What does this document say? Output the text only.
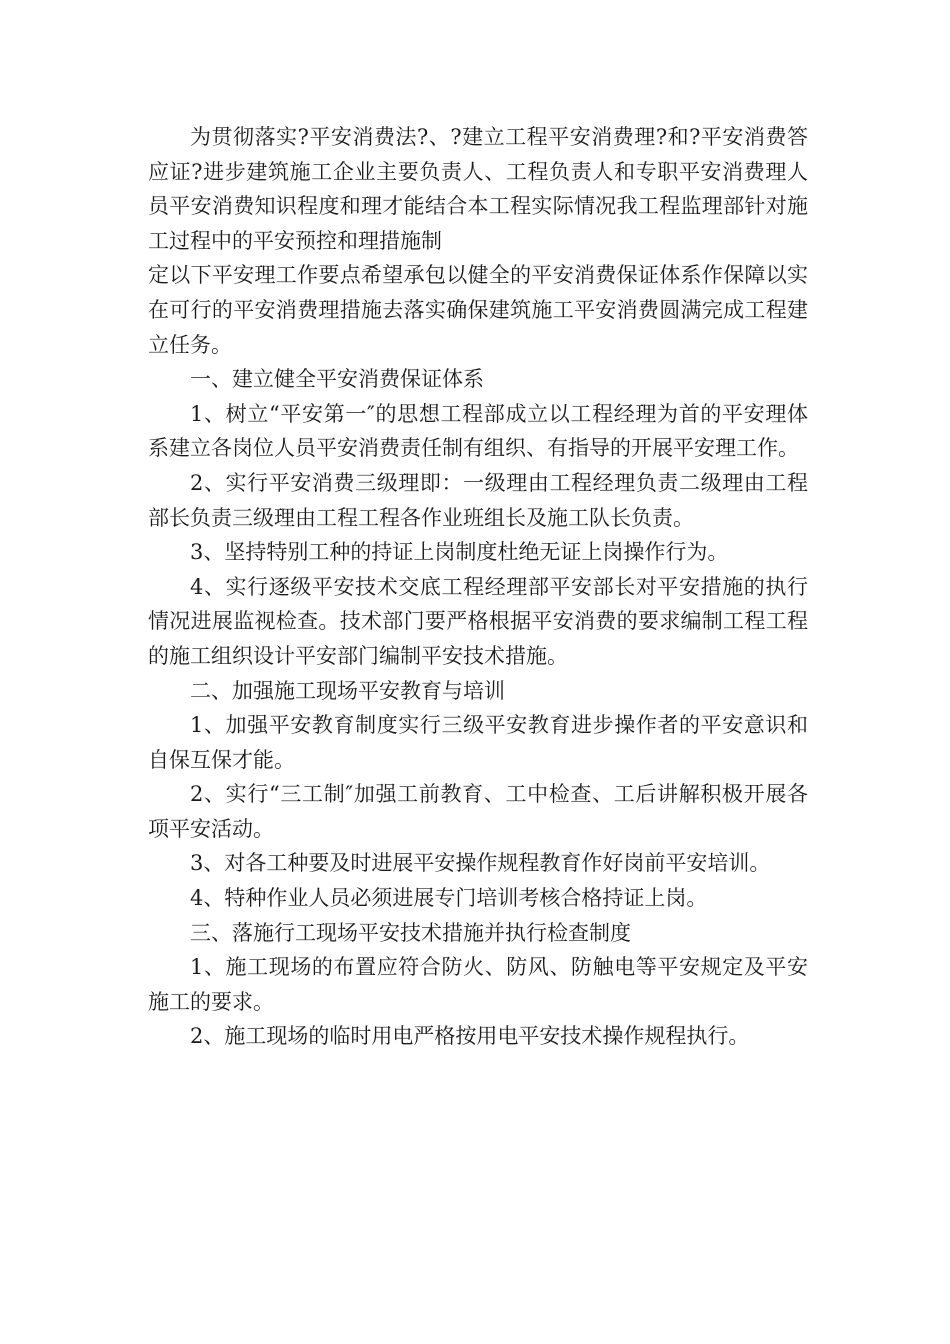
为贯彻落实?平安消费法?、?建立工程平安消费理?和?平安消费答应证?进步建筑施工企业主要负责人、工程负责人和专职平安消费理人员平安消费知识程度和理才能结合本工程实际情况我工程监理部针对施工过程中的平安预控和理措施制

定以下平安理工作要点希望承包以健全的平安消费保证体系作保障以实在可行的平安消费理措施去落实确保建筑施工平安消费圆满完成工程建立任务。

一、建立健全平安消费保证体系

1、树立“平安第一″的思想工程部成立以工程经理为首的平安理体系建立各岗位人员平安消费责任制有组织、有指导的开展平安理工作。

2、实行平安消费三级理即：一级理由工程经理负责二级理由工程部长负责三级理由工程工程各作业班组长及施工队长负责。

3、坚持特别工种的持证上岗制度杜绝无证上岗操作行为。

4、实行逐级平安技术交底工程经理部平安部长对平安措施的执行情况进展监视检查。技术部门要严格根据平安消费的要求编制工程工程的施工组织设计平安部门编制平安技术措施。

二、加强施工现场平安教育与培训

1、加强平安教育制度实行三级平安教育进步操作者的平安意识和自保互保才能。

2、实行“三工制″加强工前教育、工中检查、工后讲解积极开展各项平安活动。

3、对各工种要及时进展平安操作规程教育作好岗前平安培训。

4、特种作业人员必须进展专门培训考核合格持证上岗。

三、落施行工现场平安技术措施并执行检查制度

1、施工现场的布置应符合防火、防风、防触电等平安规定及平安施工的要求。

2、施工现场的临时用电严格按用电平安技术操作规程执行。
